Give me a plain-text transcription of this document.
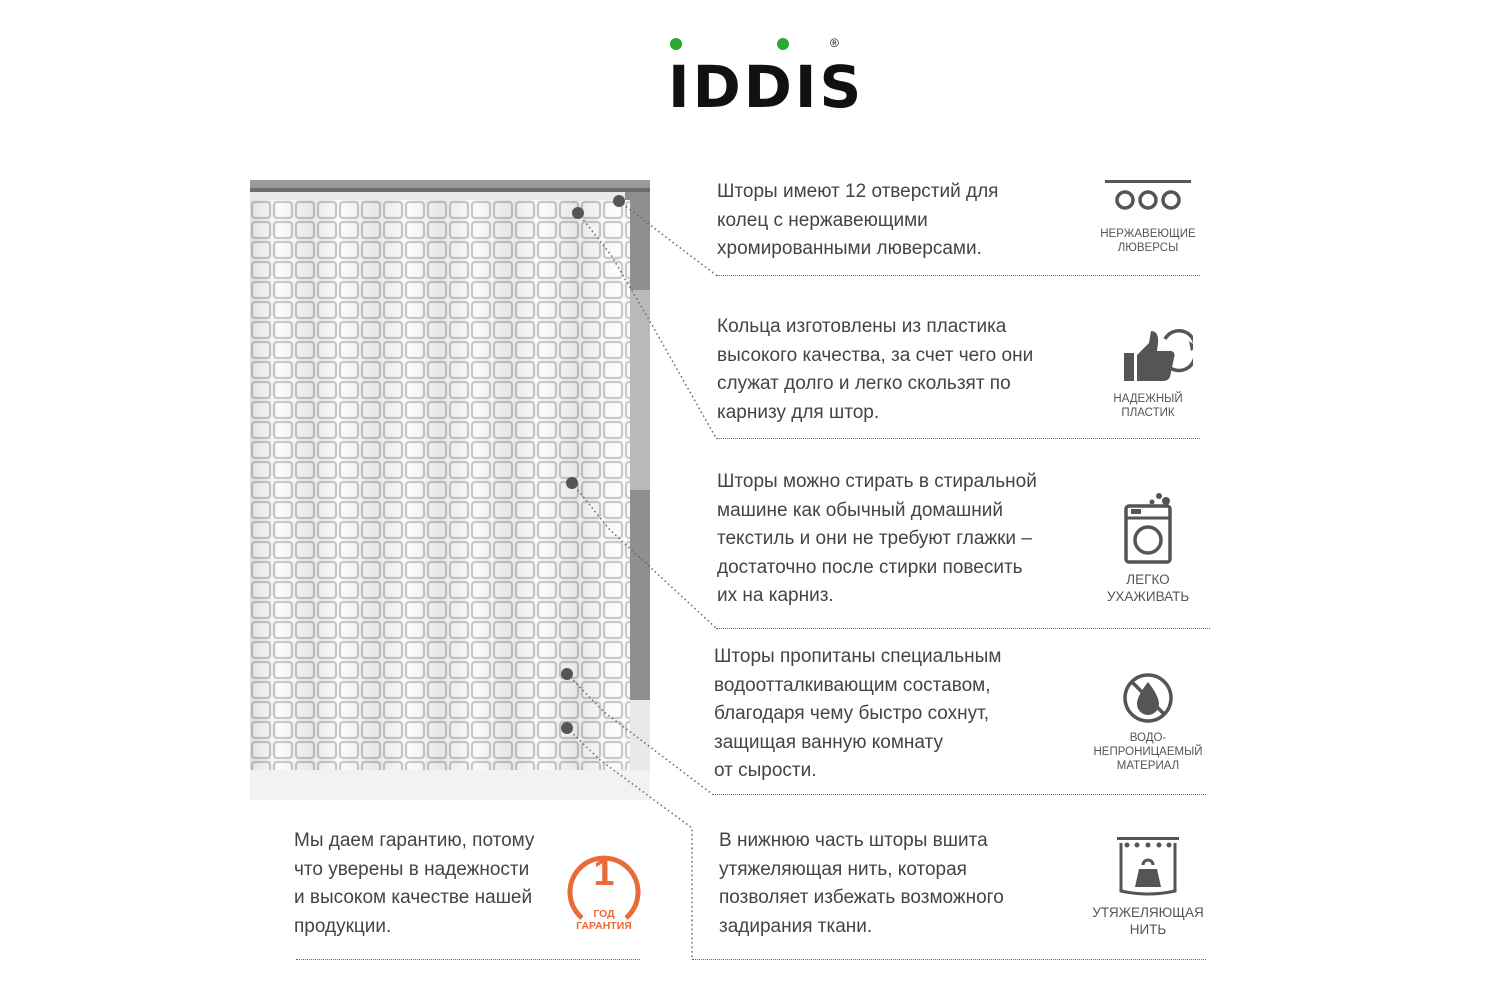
IDDIS
®
Шторы имеют 12 отверстий для
колец с нержавеющими
хромированными люверсами.
Кольца изготовлены из пластика
высокого качества, за счет чего они
служат долго и легко скользят по
карнизу для штор.
Шторы можно стирать в стиральной
машине как обычный домашний
текстиль и они не требуют глажки –
достаточно после стирки повесить
их на карниз.
Шторы пропитаны специальным
водоотталкивающим составом,
благодаря чему быстро сохнут,
защищая ванную комнату
от сырости.
В нижнюю часть шторы вшита
утяжеляющая нить, которая
позволяет избежать возможного
задирания ткани.
Мы даем гарантию, потому
что уверены в надежности
и высоком качестве нашей
продукции.
НЕРЖАВЕЮЩИЕ
ЛЮВЕРСЫ
НАДЕЖНЫЙ
ПЛАСТИК
ЛЕГКО
УХАЖИВАТЬ
ВОДО-
НЕПРОНИЦАЕМЫЙ
МАТЕРИАЛ
УТЯЖЕЛЯЮЩАЯ
НИТЬ
1
ГОД
ГАРАНТИЯ
